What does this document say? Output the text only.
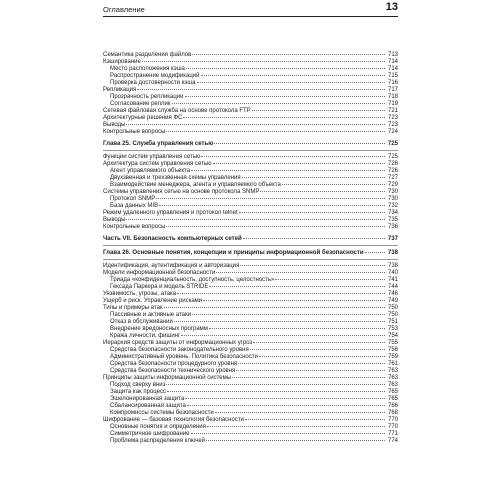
Оглавление	13
Семантика разделения файлов	713
Кэширование	714
Место расположения кэша	714
Распространение модификаций	715
Проверка достоверности кэша	716
Репликация	717
Прозрачность репликации	718
Согласование реплик	719
Сетевая файловая служба на основе протокола FTP	721
Архитектурные решения ФС	723
Выводы	723
Контрольные вопросы	724
Глава 25. Служба управления сетью	725
Функции систем управления сетью	725
Архитектура систем управления сетью	726
Агент управляемого объекта	726
Двухзвенная и трехзвенная схемы управления	727
Взаимодействие менеджера, агента и управляемого объекта	729
Системы управления сетью на основе протокола SNMP	730
Протокол SNMP	730
База данных MIB	732
Режим удаленного управления и протокол telnet	734
Выводы	735
Контрольные вопросы	736
Часть VII. Безопасность компьютерных сетей	737
Глава 26. Основные понятия, концепции и принципы информационной безопасности	738
Идентификация, аутентификация и авторизация	738
Модели информационной безопасности	740
Триада «конфиденциальность, доступность, целостность»	741
Гексада Паркера и модель STRIDE	744
Уязвимость, угрозы, атака	746
Ущерб и риск. Управление рисками	749
Типы и примеры атак	750
Пассивные и активные атаки	750
Отказ в обслуживании	751
Внедрение вредоносных программ	753
Кража личности, фишинг	754
Иерархия средств защиты от информационных угроз	755
Средства безопасности законодательного уровня	756
Административный уровень. Политика безопасности	759
Средства безопасности процедурного уровня	761
Средства безопасности технического уровня	763
Принципы защиты информационной системы	763
Подход сверху вниз	763
Защита как процесс	765
Эшелонированная защита	765
Сбалансированная защита	766
Компромиссы системы безопасности	768
Шифрование — базовая технология безопасности	770
Основные понятия и определения	770
Симметричное шифрование	771
Проблема распределения ключей	774
